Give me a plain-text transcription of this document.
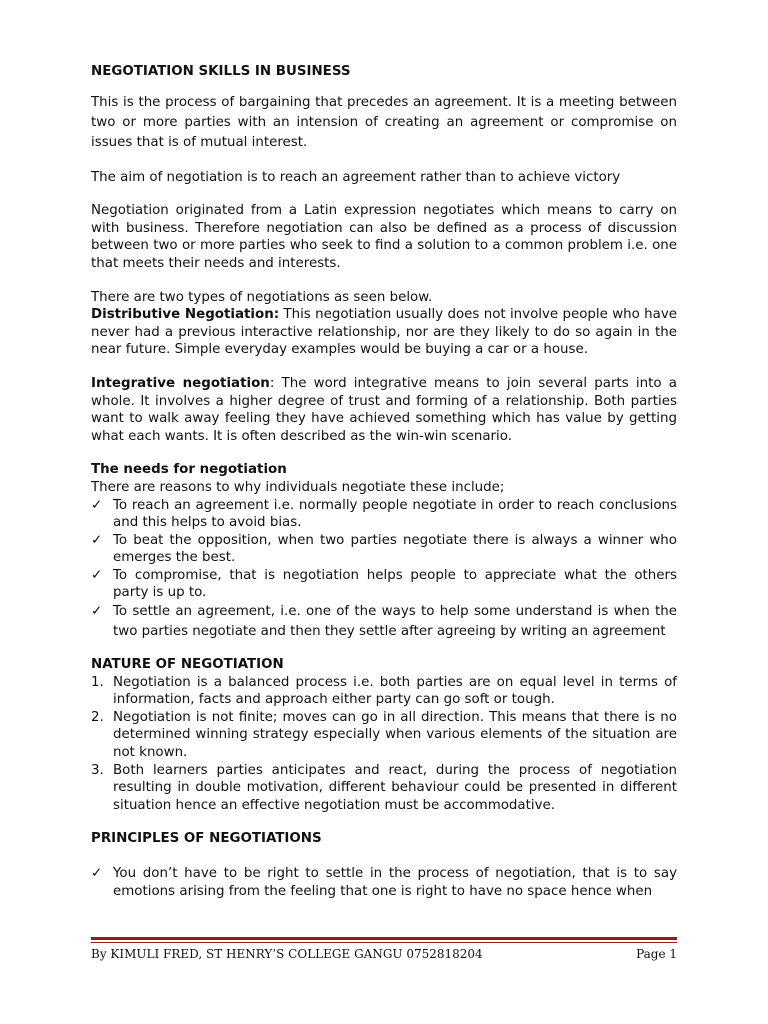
NEGOTIATION SKILLS IN BUSINESS

This is the process of bargaining that precedes an agreement. It is a meeting between two or more parties with an intension of creating an agreement or compromise on issues that is of mutual interest.

The aim of negotiation is to reach an agreement rather than to achieve victory

Negotiation originated from a Latin expression negotiates which means to carry on with business. Therefore negotiation can also be defined as a process of discussion between two or more parties who seek to find a solution to a common problem i.e. one that meets their needs and interests.

There are two types of negotiations as seen below.

Distributive Negotiation: This negotiation usually does not involve people who have never had a previous interactive relationship, nor are they likely to do so again in the near future. Simple everyday examples would be buying a car or a house.

Integrative negotiation: The word integrative means to join several parts into a whole. It involves a higher degree of trust and forming of a relationship. Both parties want to walk away feeling they have achieved something which has value by getting what each wants. It is often described as the win-win scenario.

The needs for negotiation

There are reasons to why individuals negotiate these include;

✓ To reach an agreement i.e. normally people negotiate in order to reach conclusions and this helps to avoid bias.
✓ To beat the opposition, when two parties negotiate there is always a winner who emerges the best.
✓ To compromise, that is negotiation helps people to appreciate what the others party is up to.
✓ To settle an agreement, i.e. one of the ways to help some understand is when the two parties negotiate and then they settle after agreeing by writing an agreement
NATURE OF NEGOTIATION
1. Negotiation is a balanced process i.e. both parties are on equal level in terms of information, facts and approach either party can go soft or tough.
2. Negotiation is not finite; moves can go in all direction. This means that there is no determined winning strategy especially when various elements of the situation are not known.
3. Both learners parties anticipates and react, during the process of negotiation resulting in double motivation, different behaviour could be presented in different situation hence an effective negotiation must be accommodative.
PRINCIPLES OF NEGOTIATIONS
✓ You don’t have to be right to settle in the process of negotiation, that is to say emotions arising from the feeling that one is right to have no space hence when
By KIMULI FRED, ST HENRY’S COLLEGE GANGU 0752818204	Page 1
